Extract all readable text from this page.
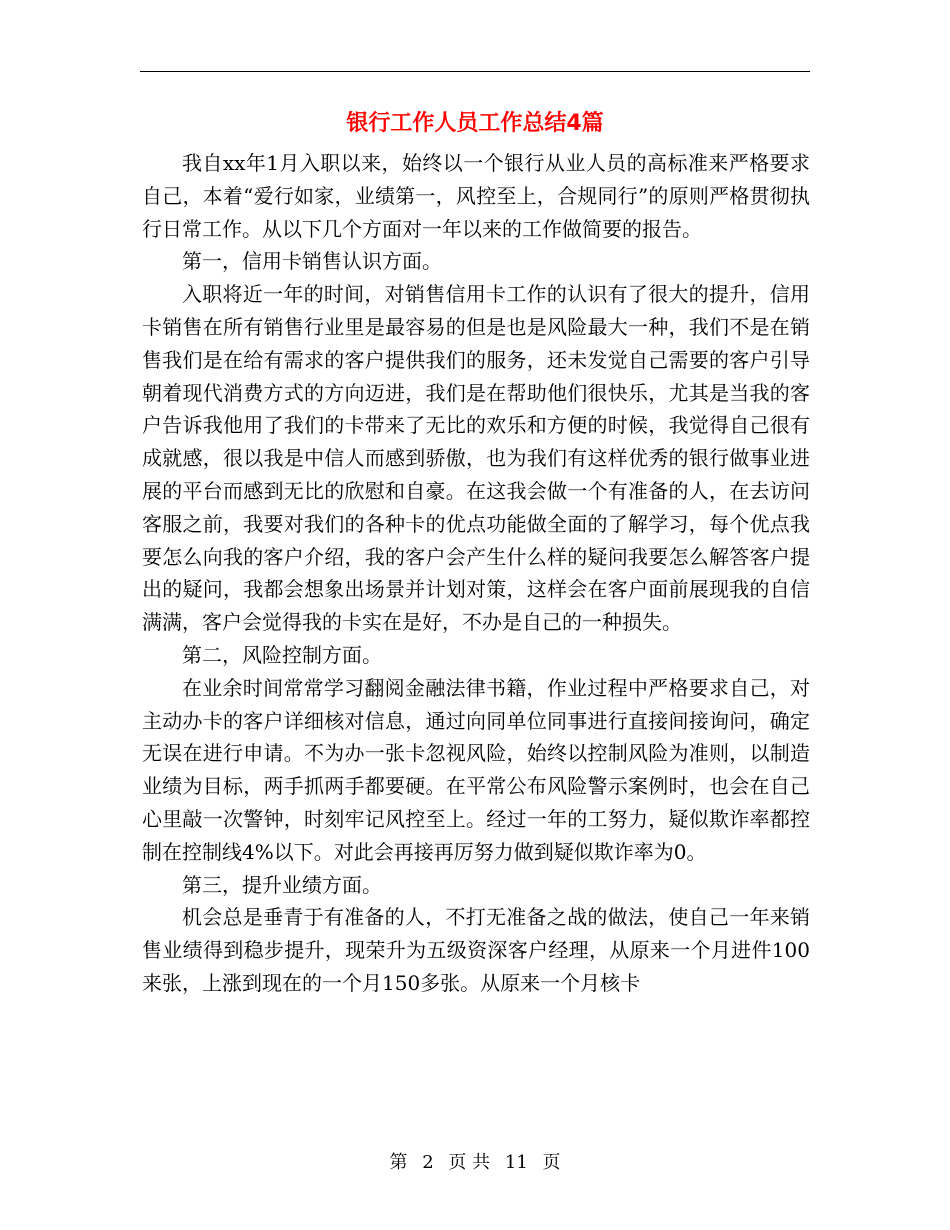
银行工作人员工作总结4篇

我自xx年1月入职以来，始终以一个银行从业人员的高标准来严格要求自己，本着“爱行如家，业绩第一，风控至上，合规同行”的原则严格贯彻执行日常工作。从以下几个方面对一年以来的工作做简要的报告。

第一，信用卡销售认识方面。

入职将近一年的时间，对销售信用卡工作的认识有了很大的提升，信用卡销售在所有销售行业里是最容易的但是也是风险最大一种，我们不是在销售我们是在给有需求的客户提供我们的服务，还未发觉自己需要的客户引导朝着现代消费方式的方向迈进，我们是在帮助他们很快乐，尤其是当我的客户告诉我他用了我们的卡带来了无比的欢乐和方便的时候，我觉得自己很有成就感，很以我是中信人而感到骄傲，也为我们有这样优秀的银行做事业进展的平台而感到无比的欣慰和自豪。在这我会做一个有准备的人，在去访问客服之前，我要对我们的各种卡的优点功能做全面的了解学习，每个优点我要怎么向我的客户介绍，我的客户会产生什么样的疑问我要怎么解答客户提出的疑问，我都会想象出场景并计划对策，这样会在客户面前展现我的自信满满，客户会觉得我的卡实在是好，不办是自己的一种损失。

第二，风险控制方面。

在业余时间常常学习翻阅金融法律书籍，作业过程中严格要求自己，对主动办卡的客户详细核对信息，通过向同单位同事进行直接间接询问，确定无误在进行申请。不为办一张卡忽视风险，始终以控制风险为准则，以制造业绩为目标，两手抓两手都要硬。在平常公布风险警示案例时，也会在自己心里敲一次警钟，时刻牢记风控至上。经过一年的工努力，疑似欺诈率都控制在控制线4%以下。对此会再接再厉努力做到疑似欺诈率为0。

第三，提升业绩方面。

机会总是垂青于有准备的人，不打无准备之战的做法，使自己一年来销售业绩得到稳步提升，现荣升为五级资深客户经理，从原来一个月进件100来张，上涨到现在的一个月150多张。从原来一个月核卡

第 2 页 共 11 页
